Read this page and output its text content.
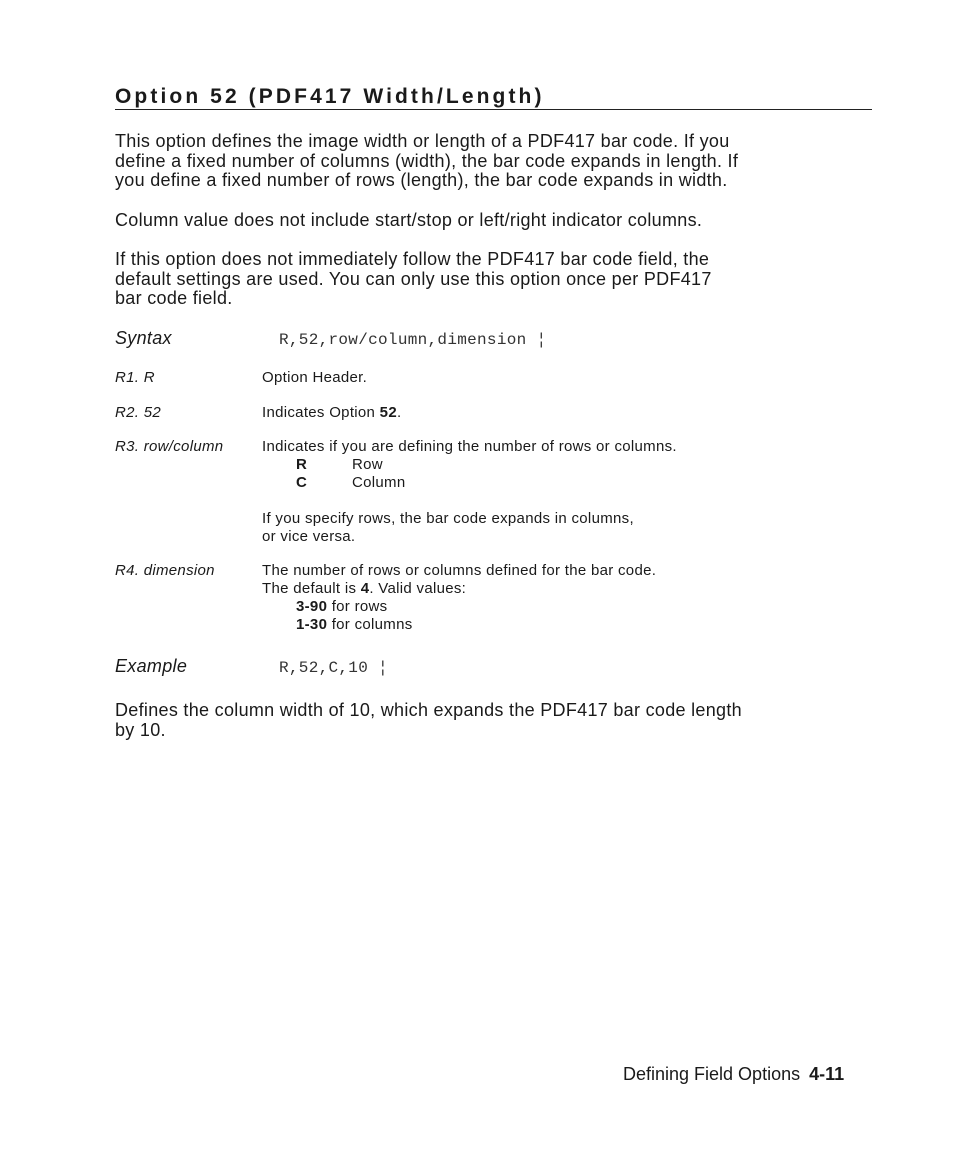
Option 52 (PDF417 Width/Length)

This option defines the image width or length of a PDF417 bar code. If you
define a fixed number of columns (width), the bar code expands in length. If
you define a fixed number of rows (length), the bar code expands in width.

Column value does not include start/stop or left/right indicator columns.

If this option does not immediately follow the PDF417 bar code field, the
default settings are used. You can only use this option once per PDF417
bar code field.

Syntax	R,52,row/column,dimension ¦
R1. R	Option Header.
R2. 52	Indicates Option 52.
R3. row/column	Indicates if you are defining the number of rows or columns.
R	Row
C	Column
If you specify rows, the bar code expands in columns,
or vice versa.
R4. dimension	The number of rows or columns defined for the bar code.
The default is 4. Valid values:
3-90 for rows
1-30 for columns
Example	R,52,C,10 ¦

Defines the column width of 10, which expands the PDF417 bar code length
by 10.

Defining Field Options 4-11
